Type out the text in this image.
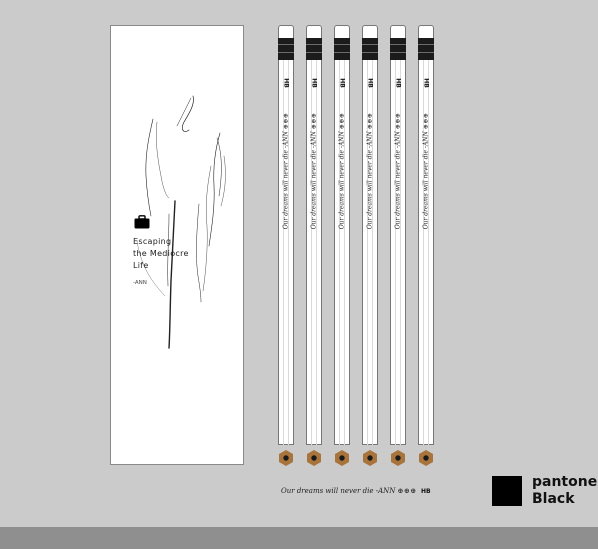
Escaping
the Mediocre
Life
-ANN
HB
Our dreams will never die -ANN ⊕⊕⊕
HB
Our dreams will never die -ANN ⊕⊕⊕
HB
Our dreams will never die -ANN ⊕⊕⊕
HB
Our dreams will never die -ANN ⊕⊕⊕
HB
Our dreams will never die -ANN ⊕⊕⊕
HB
Our dreams will never die -ANN ⊕⊕⊕
Our dreams will never die -ANN ⊕⊕⊕ HB
pantone
Black
